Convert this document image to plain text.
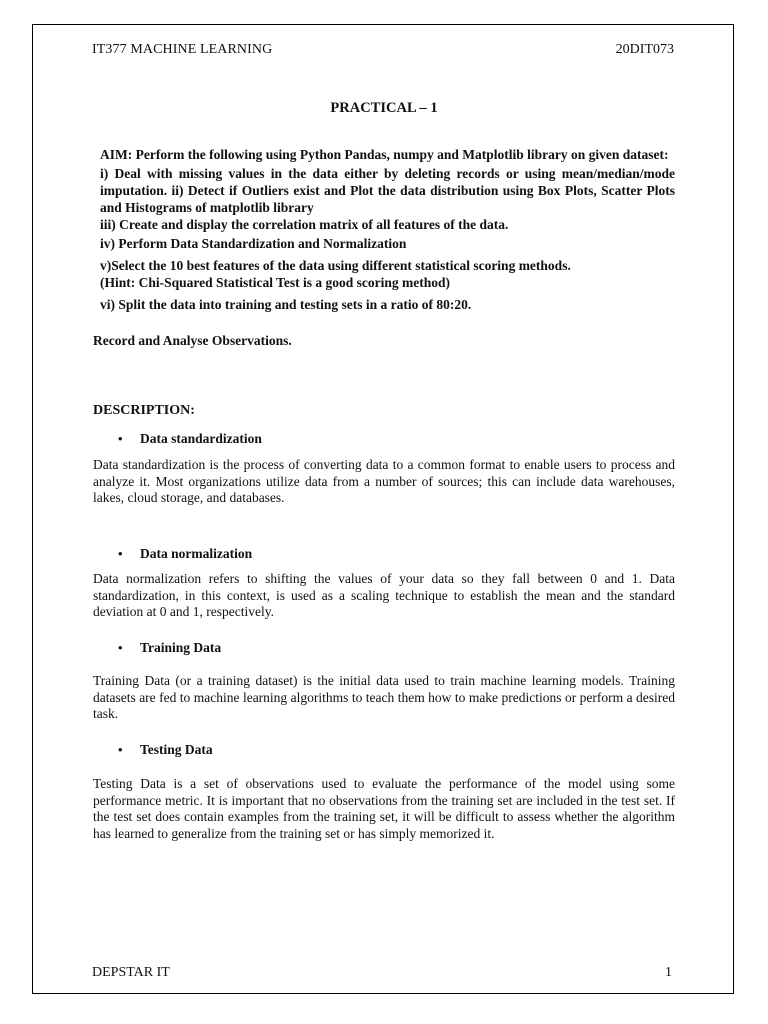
IT377 MACHINE LEARNING	20DIT073
PRACTICAL – 1

AIM: Perform the following using Python Pandas, numpy and Matplotlib library on given dataset:

i) Deal with missing values in the data either by deleting records or using mean/median/mode imputation. ii) Detect if Outliers exist and Plot the data distribution using Box Plots, Scatter Plots and Histograms of matplotlib library

iii) Create and display the correlation matrix of all features of the data.

iv) Perform Data Standardization and Normalization

v)Select the 10 best features of the data using different statistical scoring methods.

(Hint: Chi-Squared Statistical Test is a good scoring method)

vi) Split the data into training and testing sets in a ratio of 80:20.

Record and Analyse Observations.
DESCRIPTION:
• Data standardization
Data standardization is the process of converting data to a common format to enable users to process and analyze it. Most organizations utilize data from a number of sources; this can include data warehouses, lakes, cloud storage, and databases.
• Data normalization
Data normalization refers to shifting the values of your data so they fall between 0 and 1. Data standardization, in this context, is used as a scaling technique to establish the mean and the standard deviation at 0 and 1, respectively.
• Training Data
Training Data (or a training dataset) is the initial data used to train machine learning models. Training datasets are fed to machine learning algorithms to teach them how to make predictions or perform a desired task.
• Testing Data
Testing Data is a set of observations used to evaluate the performance of the model using some performance metric. It is important that no observations from the training set are included in the test set. If the test set does contain examples from the training set, it will be difficult to assess whether the algorithm has learned to generalize from the training set or has simply memorized it.
DEPSTAR IT	1
